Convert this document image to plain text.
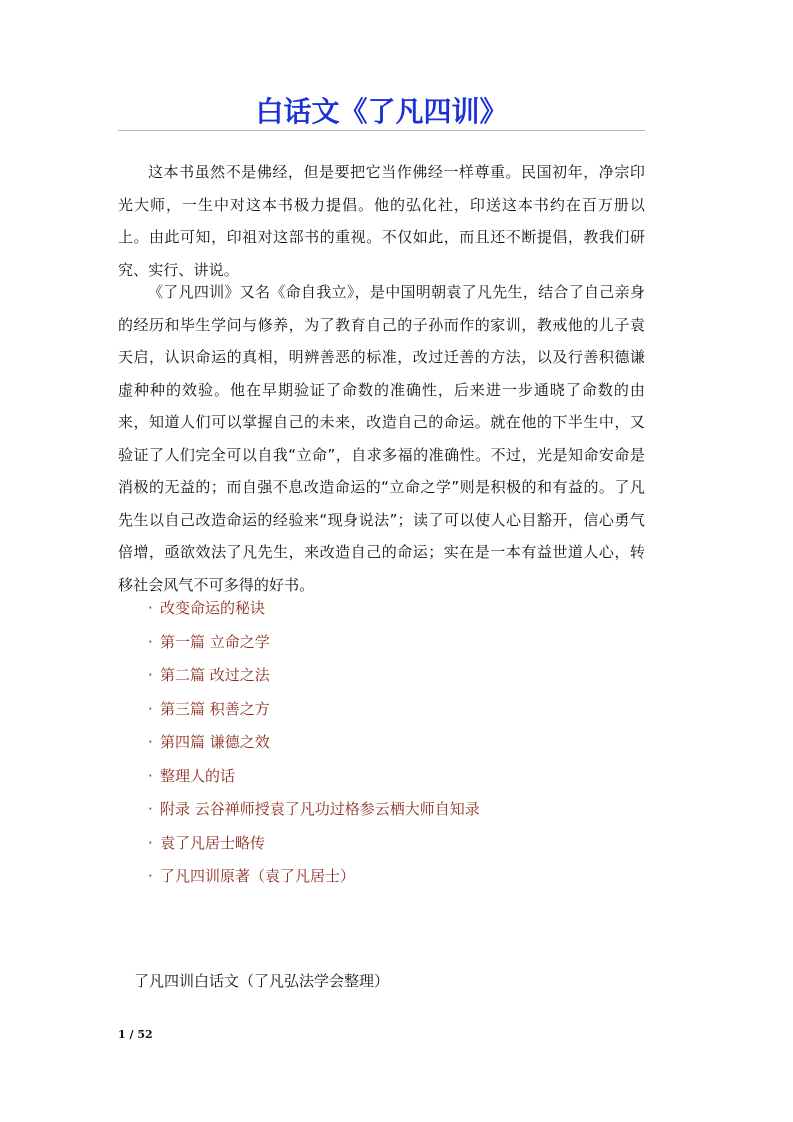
白话文《了凡四训》

这本书虽然不是佛经，但是要把它当作佛经一样尊重。民国初年，净宗印光大师，一生中对这本书极力提倡。他的弘化社，印送这本书约在百万册以上。由此可知，印祖对这部书的重视。不仅如此，而且还不断提倡，教我们研究、实行、讲说。

《了凡四训》又名《命自我立》，是中国明朝袁了凡先生，结合了自己亲身的经历和毕生学问与修养，为了教育自己的子孙而作的家训，教戒他的儿子袁天启，认识命运的真相，明辨善恶的标准，改过迁善的方法，以及行善积德谦虚种种的效验。他在早期验证了命数的准确性，后来进一步通晓了命数的由来，知道人们可以掌握自己的未来，改造自己的命运。就在他的下半生中，又验证了人们完全可以自我“立命”，自求多福的准确性。不过，光是知命安命是消极的无益的；而自强不息改造命运的“立命之学”则是积极的和有益的。了凡先生以自己改造命运的经验来“现身说法”；读了可以使人心目豁开，信心勇气倍增，亟欲效法了凡先生，来改造自己的命运；实在是一本有益世道人心，转移社会风气不可多得的好书。

· 改变命运的秘诀
· 第一篇 立命之学
· 第二篇 改过之法
· 第三篇 积善之方
· 第四篇 谦德之效
· 整理人的话
· 附录 云谷禅师授袁了凡功过格参云栖大师自知录
· 袁了凡居士略传
· 了凡四训原著（袁了凡居士）

了凡四训白话文（了凡弘法学会整理）

1 / 52
